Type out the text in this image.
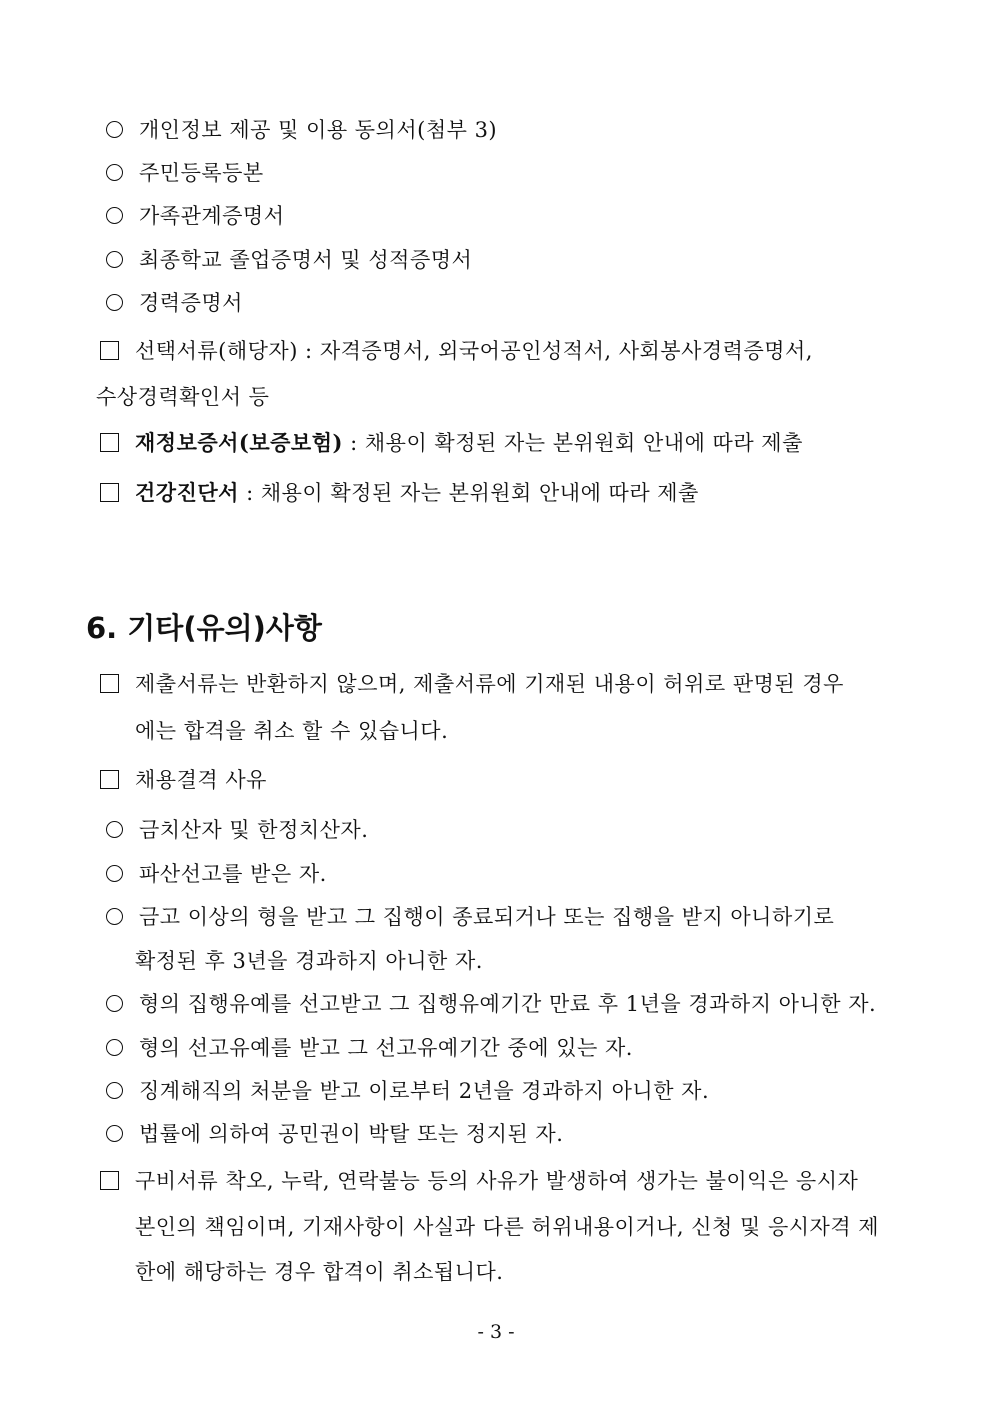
개인정보 제공 및 이용 동의서(첨부 3)
주민등록등본
가족관계증명서
최종학교 졸업증명서 및 성적증명서
경력증명서
선택서류(해당자) : 자격증명서, 외국어공인성적서, 사회봉사경력증명서,
수상경력확인서 등
재정보증서(보증보험) : 채용이 확정된 자는 본위원회 안내에 따라 제출
건강진단서 : 채용이 확정된 자는 본위원회 안내에 따라 제출
6. 기타(유의)사항
제출서류는 반환하지 않으며, 제출서류에 기재된 내용이 허위로 판명된 경우
에는 합격을 취소 할 수 있습니다.
채용결격 사유
금치산자 및 한정치산자.
파산선고를 받은 자.
금고 이상의 형을 받고 그 집행이 종료되거나 또는 집행을 받지 아니하기로
확정된 후 3년을 경과하지 아니한 자.
형의 집행유예를 선고받고 그 집행유예기간 만료 후 1년을 경과하지 아니한 자.
형의 선고유예를 받고 그 선고유예기간 중에 있는 자.
징계해직의 처분을 받고 이로부터 2년을 경과하지 아니한 자.
법률에 의하여 공민권이 박탈 또는 정지된 자.
구비서류 착오, 누락, 연락불능 등의 사유가 발생하여 생가는 불이익은 응시자
본인의 책임이며, 기재사항이 사실과 다른 허위내용이거나, 신청 및 응시자격 제
한에 해당하는 경우 합격이 취소됩니다.
- 3 -
